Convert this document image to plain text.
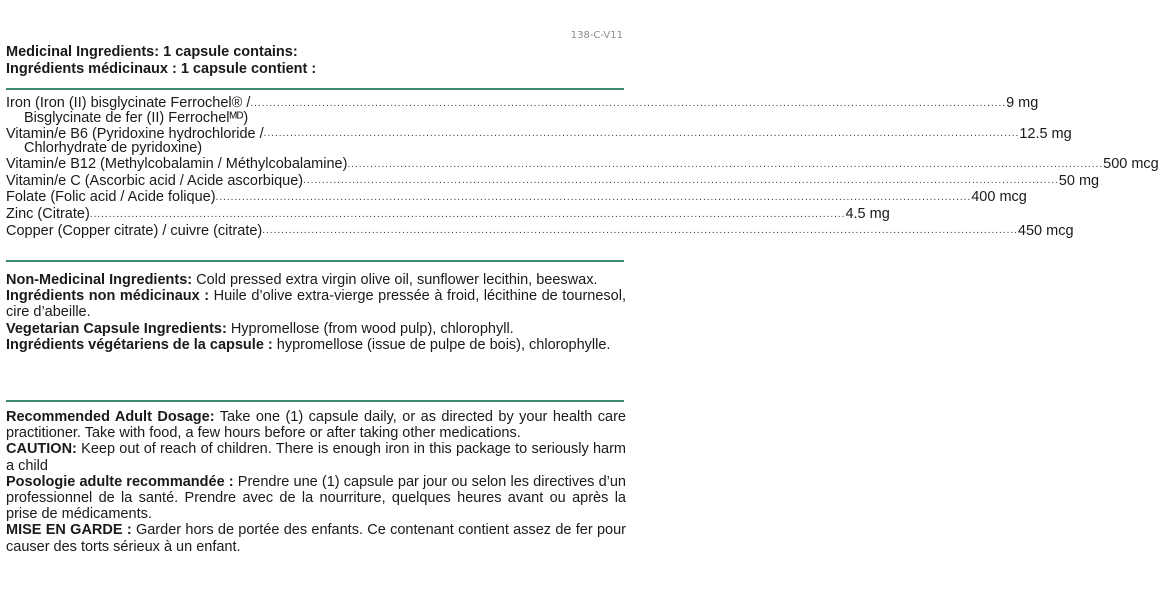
138-C-V11
Medicinal Ingredients: 1 capsule contains:
Ingrédients médicinaux : 1 capsule contient :
Iron (Iron (II) bisglycinate Ferrochel® / ........................................................................................................................................................................................................ 9 mg
Bisglycinate de fer (II) Ferrochelᴹᴰ)
Vitamin/e B6 (Pyridoxine hydrochloride / ........................................................................................................................................................................................................ 12.5 mg
Chlorhydrate de pyridoxine)
Vitamin/e B12 (Methylcobalamin / Méthylcobalamine) ........................................................................................................................................................................................................ 500 mcg
Vitamin/e C (Ascorbic acid / Acide ascorbique) ........................................................................................................................................................................................................ 50 mg
Folate (Folic acid / Acide folique) ........................................................................................................................................................................................................ 400 mcg
Zinc (Citrate) ........................................................................................................................................................................................................ 4.5 mg
Copper (Copper citrate) / cuivre (citrate) ........................................................................................................................................................................................................ 450 mcg

Non-Medicinal Ingredients: Cold pressed extra virgin olive oil, sunflower lecithin, beeswax.

Ingrédients non médicinaux : Huile d’olive extra-vierge pressée à froid, lécithine de tournesol, cire d’abeille.

Vegetarian Capsule Ingredients: Hypromellose (from wood pulp), chlorophyll.

Ingrédients végétariens de la capsule : hypromellose (issue de pulpe de bois), chlorophylle.

Recommended Adult Dosage: Take one (1) capsule daily, or as directed by your health care practitioner. Take with food, a few hours before or after taking other medications.

CAUTION: Keep out of reach of children. There is enough iron in this package to seriously harm a child

Posologie adulte recommandée : Prendre une (1) capsule par jour ou selon les directives d’un professionnel de la santé. Prendre avec de la nourriture, quelques heures avant ou après la prise de médicaments.

MISE EN GARDE : Garder hors de portée des enfants. Ce contenant contient assez de fer pour causer des torts sérieux à un enfant.
